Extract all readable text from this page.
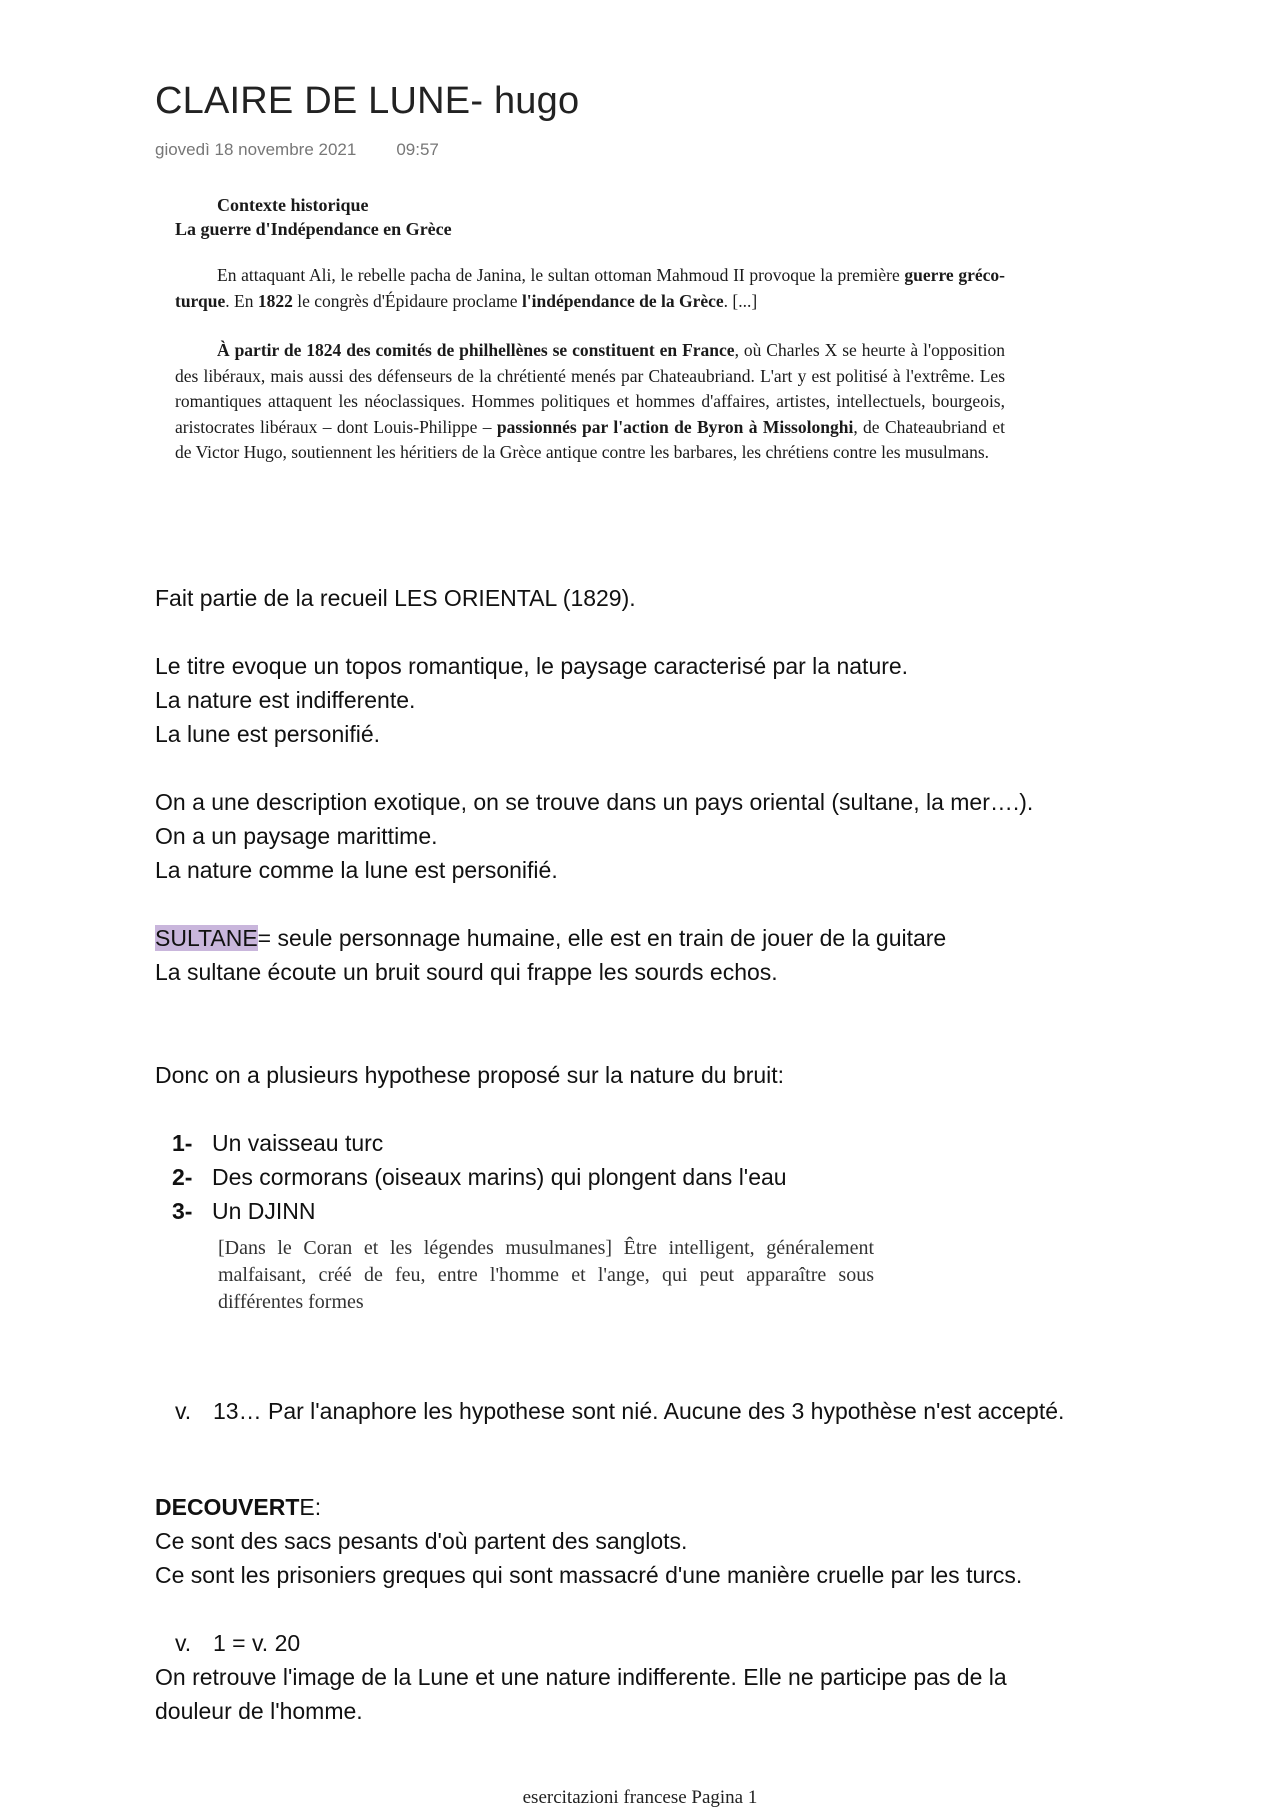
CLAIRE DE LUNE- hugo
giovedì 18 novembre 2021 09:57
Contexte historique
La guerre d'Indépendance en Grèce

En attaquant Ali, le rebelle pacha de Janina, le sultan ottoman Mahmoud II provoque la première guerre gréco-turque. En 1822 le congrès d'Épidaure proclame l'indépendance de la Grèce. [...]

À partir de 1824 des comités de philhellènes se constituent en France, où Charles X se heurte à l'opposition des libéraux, mais aussi des défenseurs de la chrétienté menés par Chateaubriand. L'art y est politisé à l'extrême. Les romantiques attaquent les néoclassiques. Hommes politiques et hommes d'affaires, artistes, intellectuels, bourgeois, aristocrates libéraux – dont Louis-Philippe – passionnés par l'action de Byron à Missolonghi, de Chateaubriand et de Victor Hugo, soutiennent les héritiers de la Grèce antique contre les barbares, les chrétiens contre les musulmans.

Fait partie de la recueil LES ORIENTAL (1829).
Le titre evoque un topos romantique, le paysage caracterisé par la nature.
La nature est indifferente.
La lune est personifié.
On a une description exotique, on se trouve dans un pays oriental (sultane, la mer….).
On a un paysage marittime.
La nature comme la lune est personifié.
SULTANE= seule personnage humaine, elle est en train de jouer de la guitare
La sultane écoute un bruit sourd qui frappe les sourds echos.
Donc on a plusieurs hypothese proposé sur la nature du bruit:
1- Un vaisseau turc
2- Des cormorans (oiseaux marins) qui plongent dans l'eau
3- Un DJINN
[Dans le Coran et les légendes musulmanes] Être intelligent, généralement malfaisant, créé de feu, entre l'homme et l'ange, qui peut apparaître sous différentes formes
v. 13… Par l'anaphore les hypothese sont nié. Aucune des 3 hypothèse n'est accepté.
DECOUVERTE:
Ce sont des sacs pesants d'où partent des sanglots.
Ce sont les prisoniers greques qui sont massacré d'une manière cruelle par les turcs.
v. 1 = v. 20
On retrouve l'image de la Lune et une nature indifferente. Elle ne participe pas de la
douleur de l'homme.
esercitazioni francese Pagina 1
